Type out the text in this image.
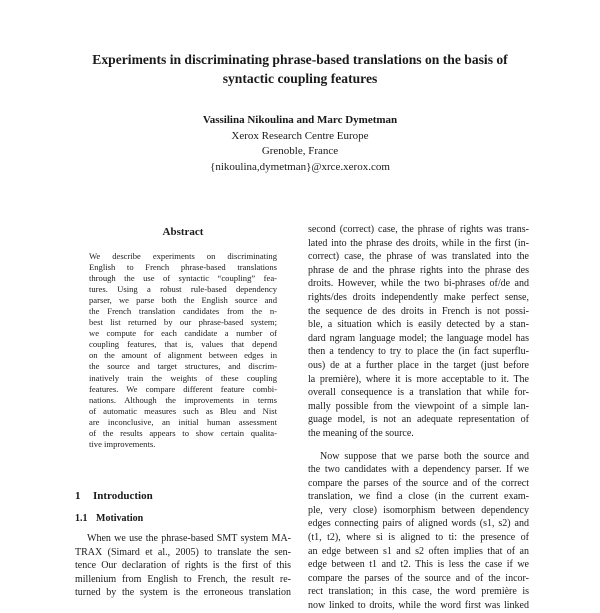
Experiments in discriminating phrase-based translations on the basis of
syntactic coupling features
Vassilina Nikoulina and Marc Dymetman
Xerox Research Centre Europe
Grenoble, France
{nikoulina,dymetman}@xrce.xerox.com
Abstract
We describe experiments on discriminating
English to French phrase-based translations
through the use of syntactic “coupling” fea-
tures. Using a robust rule-based dependency
parser, we parse both the English source and
the French translation candidates from the n-
best list returned by our phrase-based system;
we compute for each candidate a number of
coupling features, that is, values that depend
on the amount of alignment between edges in
the source and target structures, and discrim-
inatively train the weights of these coupling
features. We compare different feature combi-
nations. Although the improvements in terms
of automatic measures such as Bleu and Nist
are inconclusive, an initial human assessment
of the results appears to show certain qualita-
tive improvements.
1 Introduction
1.1 Motivation
When we use the phrase-based SMT system MA-
TRAX (Simard et al., 2005) to translate the sen-
tence Our declaration of rights is the first of this
millenium from English to French, the result re-
turned by the system is the erroneous translation
second (correct) case, the phrase of rights was trans-
lated into the phrase des droits, while in the first (in-
correct) case, the phrase of was translated into the
phrase de and the phrase rights into the phrase des
droits. However, while the two bi-phrases of/de and
rights/des droits independently make perfect sense,
the sequence de des droits in French is not possi-
ble, a situation which is easily detected by a stan-
dard ngram language model; the language model has
then a tendency to try to place the (in fact superflu-
ous) de at a further place in the target (just before
la première), where it is more acceptable to it. The
overall consequence is a translation that while for-
mally possible from the viewpoint of a simple lan-
guage model, is not an adequate representation of
the meaning of the source.
Now suppose that we parse both the source and
the two candidates with a dependency parser. If we
compare the parses of the source and of the correct
translation, we find a close (in the current exam-
ple, very close) isomorphism between dependency
edges connecting pairs of aligned words (s1, s2) and
(t1, t2), where si is aligned to ti: the presence of
an edge between s1 and s2 often implies that of an
edge between t1 and t2. This is less the case if we
compare the parses of the source and of the incor-
rect translation; in this case, the word première is
now linked to droits, while the word first was linked
